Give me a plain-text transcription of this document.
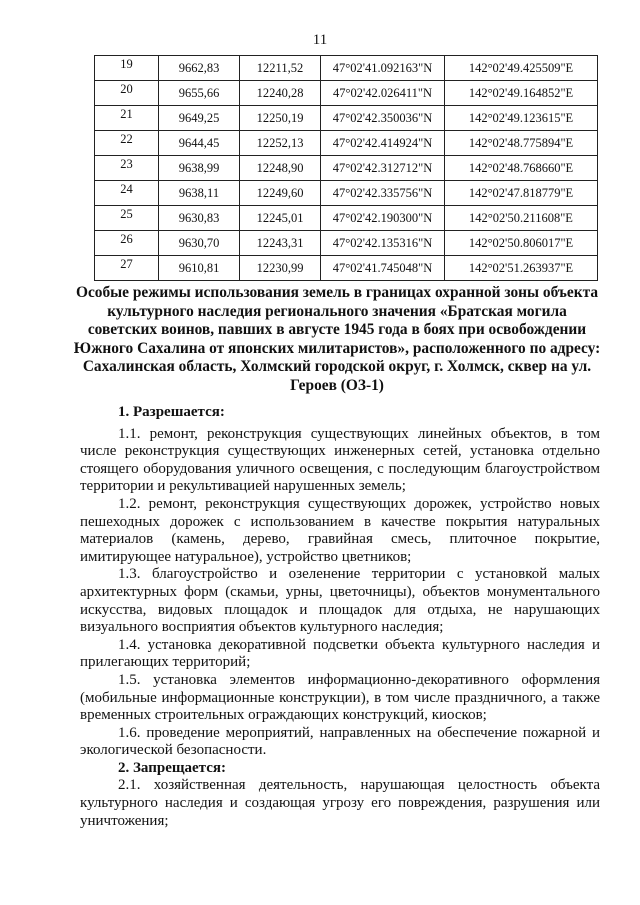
11
19	9662,83	12211,52	47°02'41.092163"N	142°02'49.425509"E
20	9655,66	12240,28	47°02'42.026411"N	142°02'49.164852"E
21	9649,25	12250,19	47°02'42.350036"N	142°02'49.123615"E
22	9644,45	12252,13	47°02'42.414924"N	142°02'48.775894"E
23	9638,99	12248,90	47°02'42.312712"N	142°02'48.768660"E
24	9638,11	12249,60	47°02'42.335756"N	142°02'47.818779"E
25	9630,83	12245,01	47°02'42.190300"N	142°02'50.211608"E
26	9630,70	12243,31	47°02'42.135316"N	142°02'50.806017"E
27	9610,81	12230,99	47°02'41.745048"N	142°02'51.263937"E
Особые режимы использования земель в границах охранной зоны объекта культурного наследия регионального значения «Братская могила советских воинов, павших в августе 1945 года в боях при освобождении Южного Сахалина от японских милитаристов», расположенного по адресу: Сахалинская область, Холмский городской округ, г. Холмск, сквер на ул. Героев (ОЗ-1)
1. Разрешается:

1.1. ремонт, реконструкция существующих линейных объектов, в том числе реконструкция существующих инженерных сетей, установка отдельно стоящего оборудования уличного освещения, с последующим благоустройством территории и рекультивацией нарушенных земель;

1.2. ремонт, реконструкция существующих дорожек, устройство новых пешеходных дорожек с использованием в качестве покрытия натуральных материалов (камень, дерево, гравийная смесь, плиточное покрытие, имитирующее натуральное), устройство цветников;

1.3. благоустройство и озеленение территории с установкой малых архитектурных форм (скамьи, урны, цветочницы), объектов монументального искусства, видовых площадок и площадок для отдыха, не нарушающих визуального восприятия объектов культурного наследия;

1.4. установка декоративной подсветки объекта культурного наследия и прилегающих территорий;

1.5. установка элементов информационно-декоративного оформления (мобильные информационные конструкции), в том числе праздничного, а также временных строительных ограждающих конструкций, киосков;

1.6. проведение мероприятий, направленных на обеспечение пожарной и экологической безопасности.

2. Запрещается:

2.1. хозяйственная деятельность, нарушающая целостность объекта культурного наследия и создающая угрозу его повреждения, разрушения или уничтожения;
